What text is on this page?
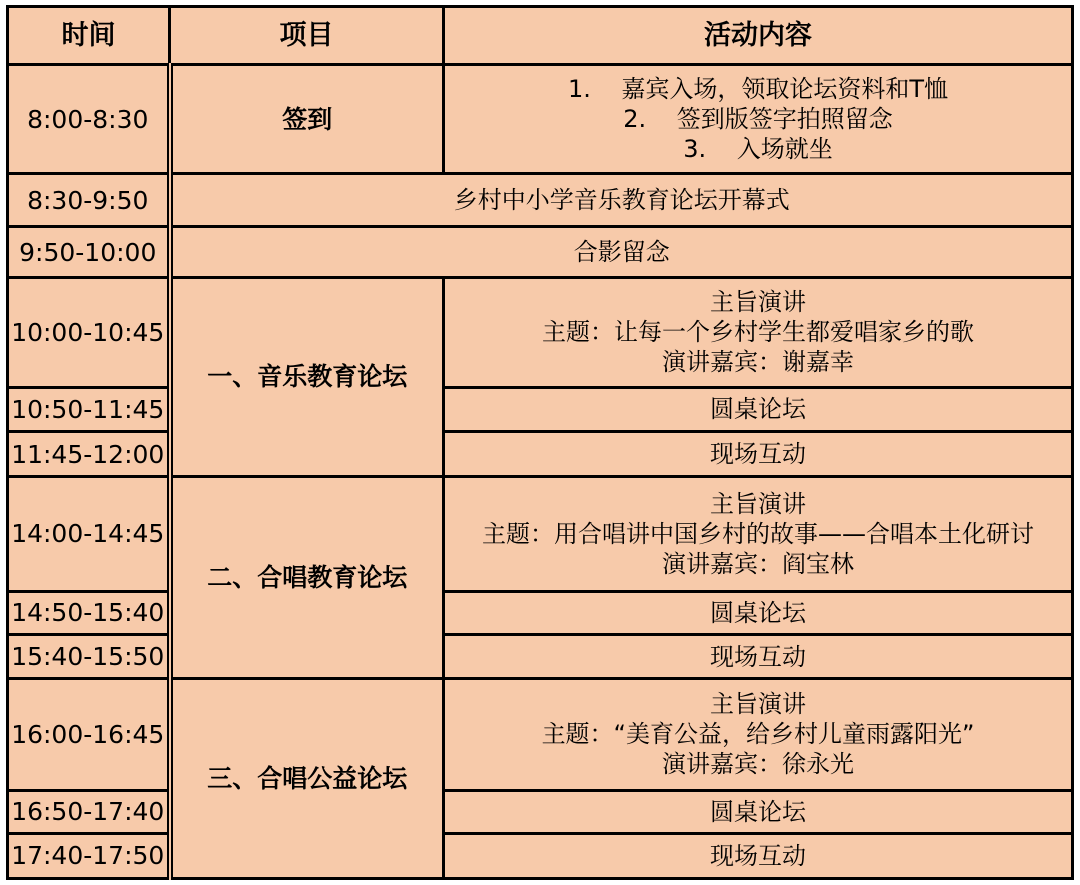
时间	项目	活动内容
8:00-8:30	签到	1.    嘉宾入场，领取论坛资料和T恤
2.    签到版签字拍照留念
3.    入场就坐

8:30-9:50	乡村中小学音乐教育论坛开幕式	
9:50-10:00	合影留念	
10:00-10:45	一、音乐教育论坛	主旨演讲
主题：让每一个乡村学生都爱唱家乡的歌
演讲嘉宾：谢嘉幸

10:50-11:45		圆桌论坛
11:45-12:00		现场互动
14:00-14:45	二、合唱教育论坛	主旨演讲
主题：用合唱讲中国乡村的故事——合唱本土化研讨
演讲嘉宾：阎宝林

14:50-15:40		圆桌论坛
15:40-15:50		现场互动
16:00-16:45	三、合唱公益论坛	主旨演讲
主题：“美育公益，给乡村儿童雨露阳光”
演讲嘉宾：徐永光

16:50-17:40		圆桌论坛
17:40-17:50		现场互动
